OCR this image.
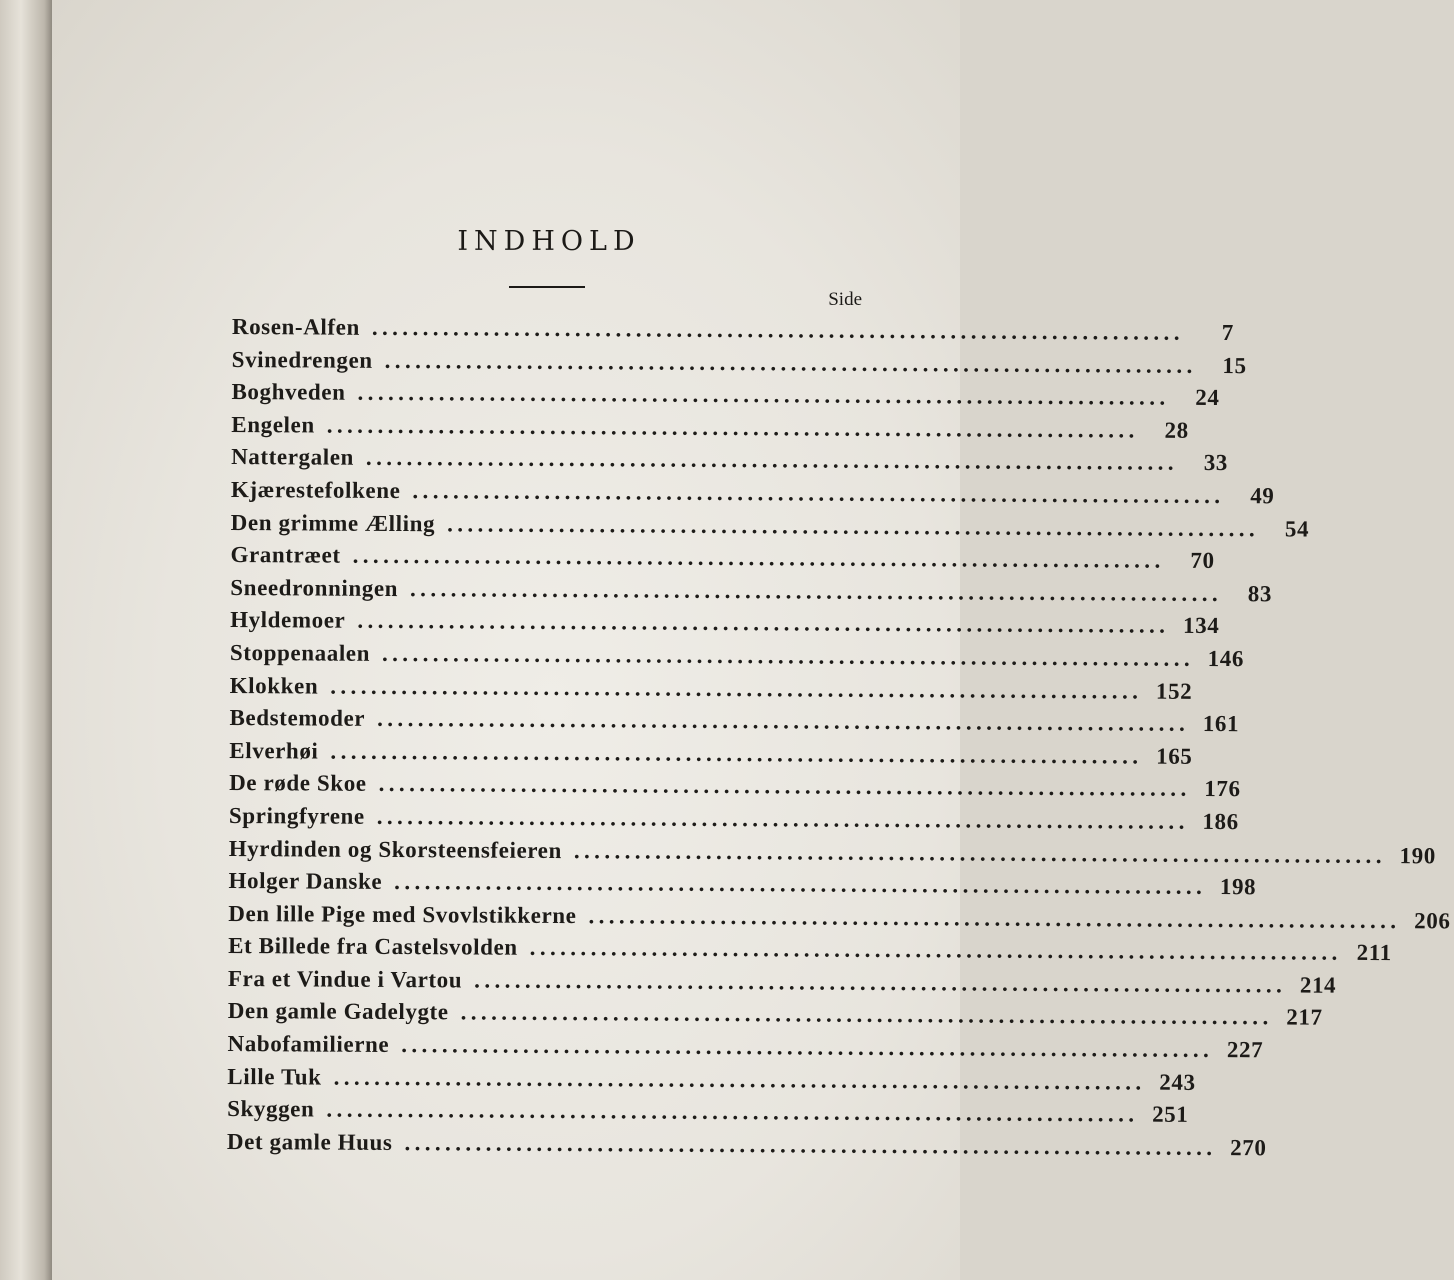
INDHOLD
Side
Rosen-Alfen ................................................................................	7
Svinedrengen ................................................................................	15
Boghveden ................................................................................	24
Engelen ................................................................................	28
Nattergalen ................................................................................	33
Kjærestefolkene ................................................................................	49
Den grimme Ælling ................................................................................	54
Grantræet ................................................................................	70
Sneedronningen ................................................................................	83
Hyldemoer ................................................................................ 134
Stoppenaalen ................................................................................ 146
Klokken ................................................................................ 152
Bedstemoder ................................................................................ 161
Elverhøi ................................................................................ 165
De røde Skoe ................................................................................ 176
Springfyrene ................................................................................ 186
Hyrdinden og Skorsteensfeieren ................................................................................ 190
Holger Danske ................................................................................ 198
Den lille Pige med Svovlstikkerne ................................................................................ 206
Et Billede fra Castelsvolden ................................................................................ 211
Fra et Vindue i Vartou ................................................................................ 214
Den gamle Gadelygte ................................................................................ 217
Nabofamilierne ................................................................................ 227
Lille Tuk ................................................................................ 243
Skyggen ................................................................................ 251
Det gamle Huus ................................................................................ 270
